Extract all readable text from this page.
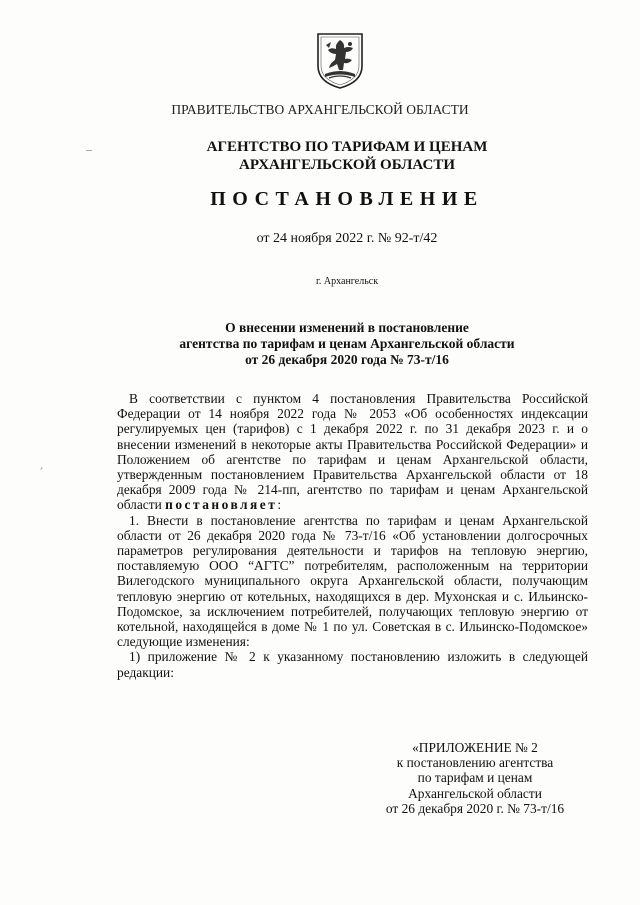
ПРАВИТЕЛЬСТВО АРХАНГЕЛЬСКОЙ ОБЛАСТИ
АГЕНТСТВО ПО ТАРИФАМ И ЦЕНАМ
АРХАНГЕЛЬСКОЙ ОБЛАСТИ
ПОСТАНОВЛЕНИЕ
от 24 ноября 2022 г. № 92-т/42
г. Архангельск
О внесении изменений в постановление
агентства по тарифам и ценам Архангельской области
от 26 декабря 2020 года № 73-т/16

В соответствии с пунктом 4 постановления Правительства Российской Федерации от 14 ноября 2022 года № 2053 «Об особенностях индексации регулируемых цен (тарифов) с 1 декабря 2022 г. по 31 декабря 2023 г. и о внесении изменений в некоторые акты Правительства Российской Федерации» и Положением об агентстве по тарифам и ценам Архангельской области, утвержденным постановлением Правительства Архангельской области от 18 декабря 2009 года № 214-пп, агентство по тарифам и ценам Архангельской области постановляет:

1. Внести в постановление агентства по тарифам и ценам Архангельской области от 26 декабря 2020 года № 73-т/16 «Об установлении долгосрочных параметров регулирования деятельности и тарифов на тепловую энергию, поставляемую ООО “АГТС” потребителям, расположенным на территории Вилегодского муниципального округа Архангельской области, получающим тепловую энергию от котельных, находящихся в дер. Мухонская и с. Ильинско-Подомское, за исключением потребителей, получающих тепловую энергию от котельной, находящейся в доме № 1 по ул. Советская в с. Ильинско-Подомское» следующие изменения:

1) приложение № 2 к указанному постановлению изложить в следующей редакции:

«ПРИЛОЖЕНИЕ № 2
к постановлению агентства
по тарифам и ценам
Архангельской области
от 26 декабря 2020 г. № 73-т/16
